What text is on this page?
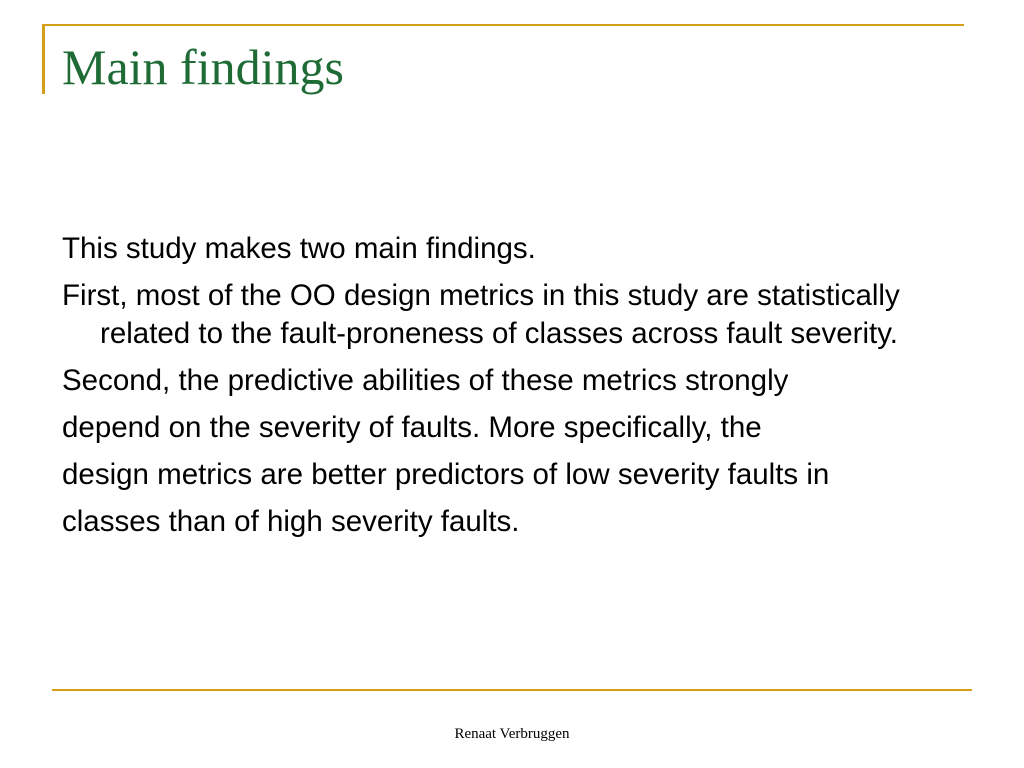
Main findings

This study makes two main findings.

First, most of the OO design metrics in this study are statistically related to the fault-proneness of classes across fault severity.

Second, the predictive abilities of these metrics strongly

depend on the severity of faults. More specifically, the

design metrics are better predictors of low severity faults in

classes than of high severity faults.

Renaat Verbruggen
